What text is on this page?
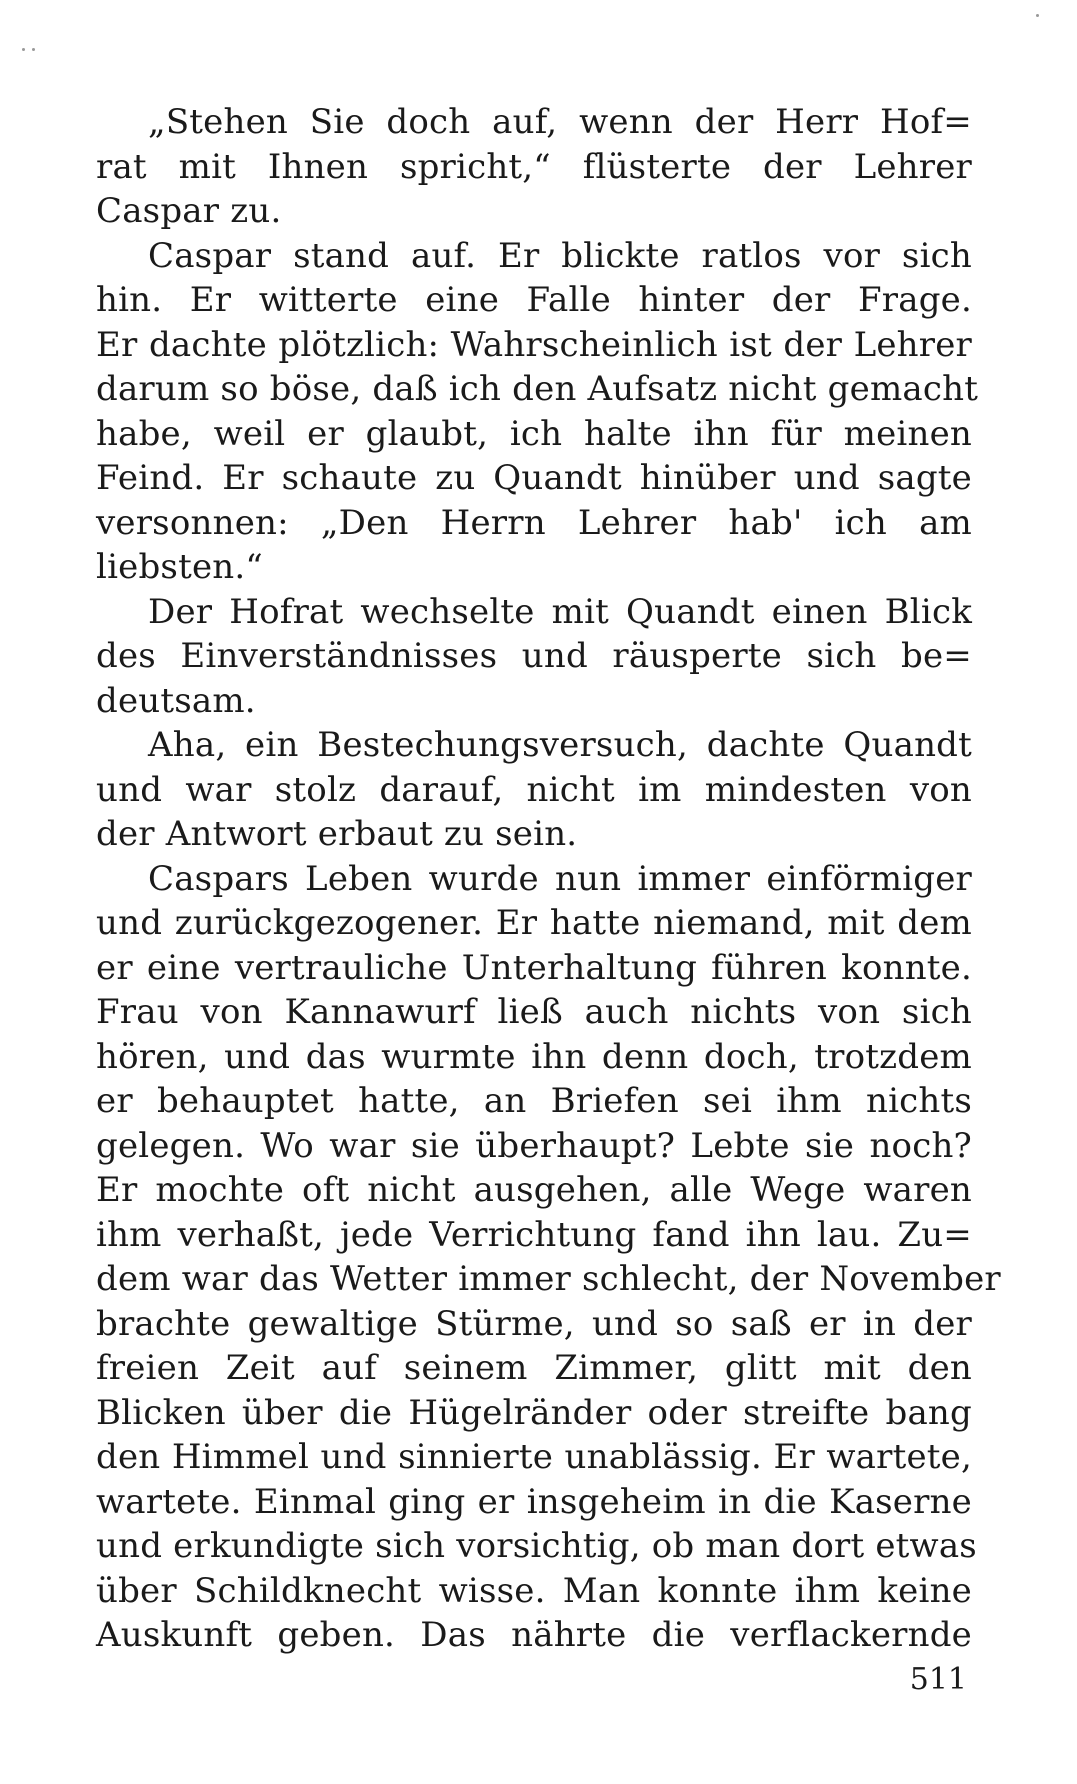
„Stehen Sie doch auf, wenn der Herr Hof=
rat mit Ihnen spricht,“ flüsterte der Lehrer
Caspar zu.
Caspar stand auf. Er blickte ratlos vor sich
hin. Er witterte eine Falle hinter der Frage.
Er dachte plötzlich: Wahrscheinlich ist der Lehrer
darum so böse, daß ich den Aufsatz nicht gemacht
habe, weil er glaubt, ich halte ihn für meinen
Feind. Er schaute zu Quandt hinüber und sagte
versonnen: „Den Herrn Lehrer hab' ich am
liebsten.“
Der Hofrat wechselte mit Quandt einen Blick
des Einverständnisses und räusperte sich be=
deutsam.
Aha, ein Bestechungsversuch, dachte Quandt
und war stolz darauf, nicht im mindesten von
der Antwort erbaut zu sein.
Caspars Leben wurde nun immer einförmiger
und zurückgezogener. Er hatte niemand, mit dem
er eine vertrauliche Unterhaltung führen konnte.
Frau von Kannawurf ließ auch nichts von sich
hören, und das wurmte ihn denn doch, trotzdem
er behauptet hatte, an Briefen sei ihm nichts
gelegen. Wo war sie überhaupt? Lebte sie noch?
Er mochte oft nicht ausgehen, alle Wege waren
ihm verhaßt, jede Verrichtung fand ihn lau. Zu=
dem war das Wetter immer schlecht, der November
brachte gewaltige Stürme, und so saß er in der
freien Zeit auf seinem Zimmer, glitt mit den
Blicken über die Hügelränder oder streifte bang
den Himmel und sinnierte unablässig. Er wartete,
wartete. Einmal ging er insgeheim in die Kaserne
und erkundigte sich vorsichtig, ob man dort etwas
über Schildknecht wisse. Man konnte ihm keine
Auskunft geben. Das nährte die verflackernde
511
